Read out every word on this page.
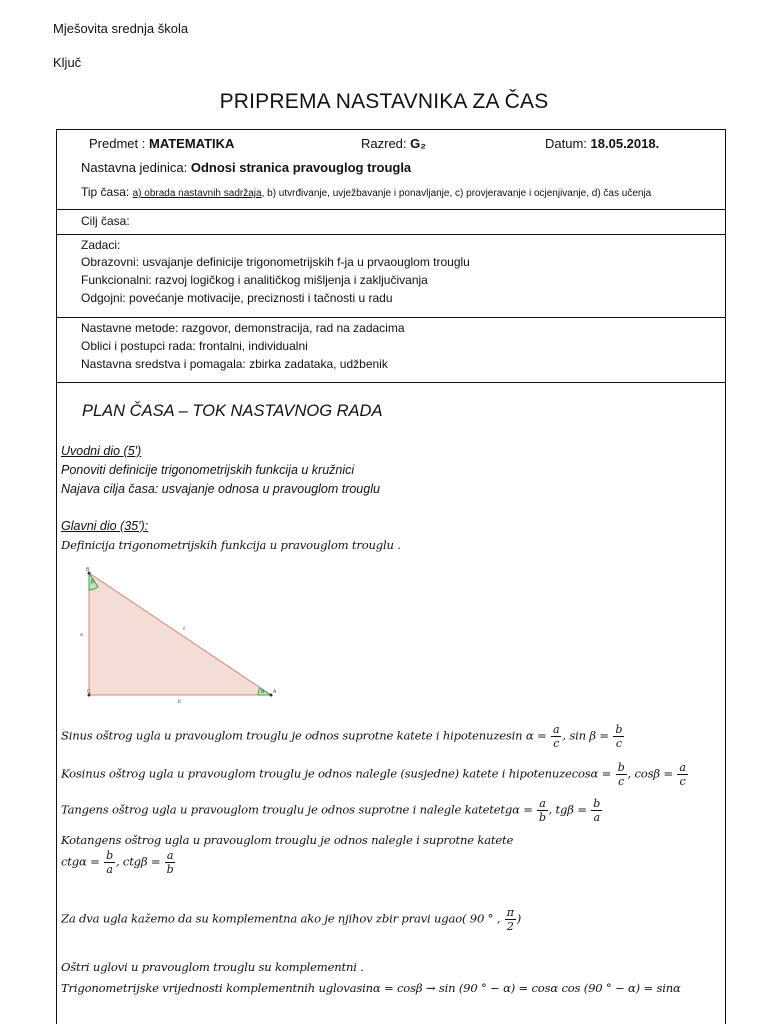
Mješovita srednja škola
Ključ
PRIPREMA NASTAVNIKA ZA ČAS
Predmet : MATEMATIKA	Razred: G₂	Datum: 18.05.2018.
Nastavna jedinica: Odnosi stranica pravouglog trougla
Tip časa: a) obrada nastavnih sadržaja, b) utvrđivanje, uvježbavanje i ponavljanje, c) provjeravanje i ocjenjivanje, d) čas učenja
Cilj časa:
Zadaci:
Obrazovni: usvajanje definicije trigonometrijskih f-ja u prvaouglom trouglu
Funkcionalni: razvoj logičkog i analitičkog mišljenja i zaključivanja
Odgojni: povećanje motivacije, preciznosti i tačnosti u radu
Nastavne metode: razgovor, demonstracija, rad na zadacima
Oblici i postupci rada: frontalni, individualni
Nastavna sredstva i pomagala: zbirka zadataka, udžbenik
PLAN ČASA – TOK NASTAVNOG RADA
Uvodni dio (5')
Ponoviti definicije trigonometrijskih funkcija u kružnici
Najava cilja časa: usvajanje odnosa u pravouglom trouglu
Glavni dio (35'):
Definicija trigonometrijskih funkcija u pravouglom trouglu .
B
C	A
a
b
c
β
α
Sinus oštrog ugla u pravouglom trouglu je odnos suprotne katete i hipotenuzesin $\alpha = \frac{a}{c}$ , $\sin \beta = \frac{b}{c}$
Kosinus oštrog ugla u pravouglom trouglu je odnos nalegle (susjedne) katete i hipotenuzecosα = $\frac{b}{c}$ , $\cos\beta = \frac{a}{c}$
Tangens oštrog ugla u pravouglom trouglu je odnos suprotne i nalegle katetetgα = $\frac{a}{b}$ , $tg\beta = \frac{b}{a}$
Kotangens oštrog ugla u pravouglom trouglu je odnos nalegle i suprotne katete
$ctg\alpha = \frac{b}{a}$ , $ctg\beta = \frac{a}{b}$
Za dva ugla kažemo da su komplementna ako je njihov zbir pravi ugao( 90 ° , $\frac{\pi}{2}$ )
Oštri uglovi u pravouglom trouglu su komplementni .
Trigonometrijske vrijednosti komplementnih uglovasinα = cosβ → sin (90 ° − α) = cosα cos (90 ° − α) = sinα
